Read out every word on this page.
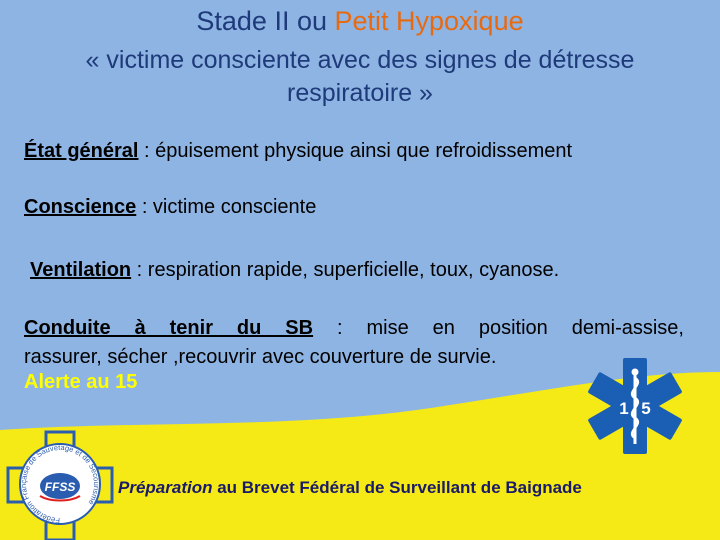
Stade II ou Petit Hypoxique
« victime consciente avec des signes de détresse respiratoire »
État général : épuisement physique ainsi que refroidissement
Conscience : victime consciente
Ventilation : respiration rapide, superficielle, toux, cyanose.
Conduite à tenir du SB : mise en position demi-assise,
rassurer, sécher ,recouvrir avec couverture de survie.
Alerte au 15
1 5
Fédération Française de Sauvetage et de Secourisme
FFSS	Préparation au Brevet Fédéral de Surveillant de Baignade
